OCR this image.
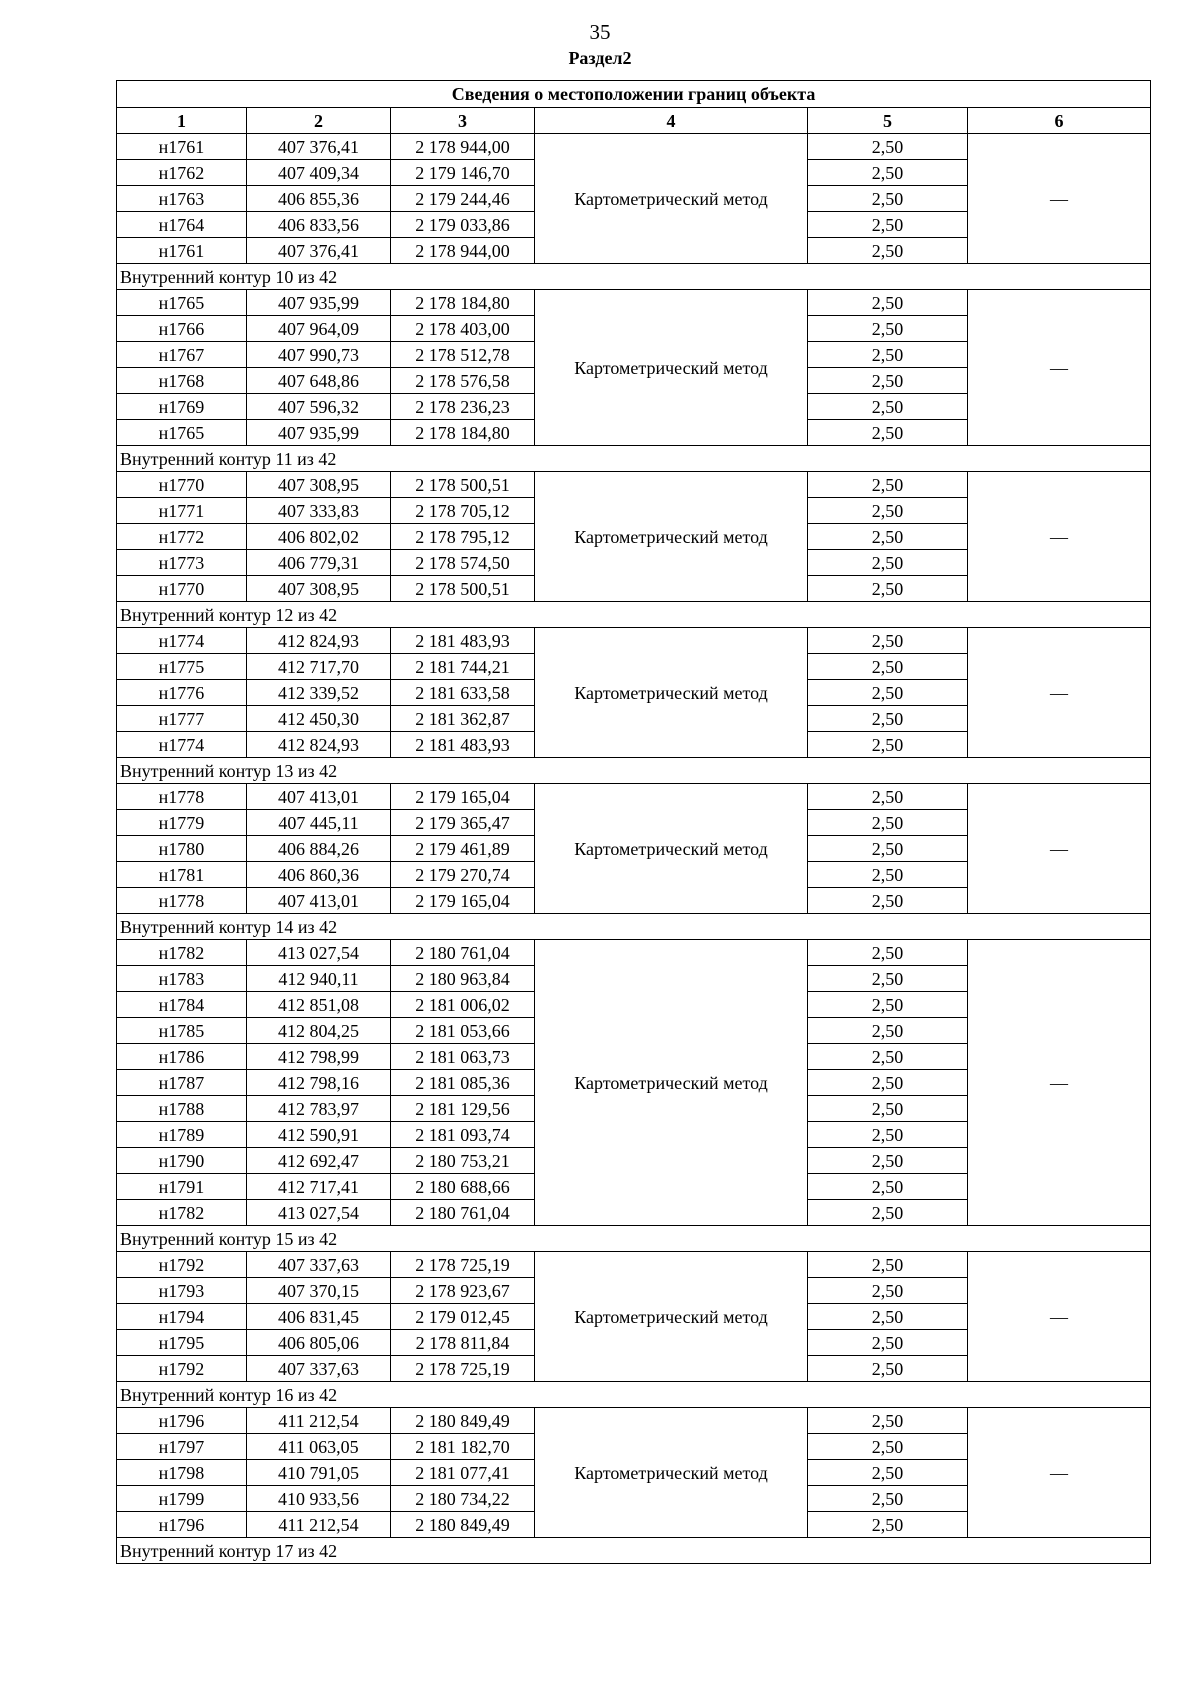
35
Раздел2
Сведения о местоположении границ объекта					
1	2	3	4	5	6
н1761	407 376,41	2 178 944,00	Картометрический метод	2,50	—
н1762	407 409,34	2 179 146,70		2,50	
н1763	406 855,36	2 179 244,46		2,50	
н1764	406 833,56	2 179 033,86		2,50	
н1761	407 376,41	2 178 944,00		2,50	
Внутренний контур 10 из 42					
н1765	407 935,99	2 178 184,80	Картометрический метод	2,50	—
н1766	407 964,09	2 178 403,00		2,50	
н1767	407 990,73	2 178 512,78		2,50	
н1768	407 648,86	2 178 576,58		2,50	
н1769	407 596,32	2 178 236,23		2,50	
н1765	407 935,99	2 178 184,80		2,50	
Внутренний контур 11 из 42					
н1770	407 308,95	2 178 500,51	Картометрический метод	2,50	—
н1771	407 333,83	2 178 705,12		2,50	
н1772	406 802,02	2 178 795,12		2,50	
н1773	406 779,31	2 178 574,50		2,50	
н1770	407 308,95	2 178 500,51		2,50	
Внутренний контур 12 из 42					
н1774	412 824,93	2 181 483,93	Картометрический метод	2,50	—
н1775	412 717,70	2 181 744,21		2,50	
н1776	412 339,52	2 181 633,58		2,50	
н1777	412 450,30	2 181 362,87		2,50	
н1774	412 824,93	2 181 483,93		2,50	
Внутренний контур 13 из 42					
н1778	407 413,01	2 179 165,04	Картометрический метод	2,50	—
н1779	407 445,11	2 179 365,47		2,50	
н1780	406 884,26	2 179 461,89		2,50	
н1781	406 860,36	2 179 270,74		2,50	
н1778	407 413,01	2 179 165,04		2,50	
Внутренний контур 14 из 42					
н1782	413 027,54	2 180 761,04	Картометрический метод	2,50	—
н1783	412 940,11	2 180 963,84		2,50	
н1784	412 851,08	2 181 006,02		2,50	
н1785	412 804,25	2 181 053,66		2,50	
н1786	412 798,99	2 181 063,73		2,50	
н1787	412 798,16	2 181 085,36		2,50	
н1788	412 783,97	2 181 129,56		2,50	
н1789	412 590,91	2 181 093,74		2,50	
н1790	412 692,47	2 180 753,21		2,50	
н1791	412 717,41	2 180 688,66		2,50	
н1782	413 027,54	2 180 761,04		2,50	
Внутренний контур 15 из 42					
н1792	407 337,63	2 178 725,19	Картометрический метод	2,50	—
н1793	407 370,15	2 178 923,67		2,50	
н1794	406 831,45	2 179 012,45		2,50	
н1795	406 805,06	2 178 811,84		2,50	
н1792	407 337,63	2 178 725,19		2,50	
Внутренний контур 16 из 42					
н1796	411 212,54	2 180 849,49	Картометрический метод	2,50	—
н1797	411 063,05	2 181 182,70		2,50	
н1798	410 791,05	2 181 077,41		2,50	
н1799	410 933,56	2 180 734,22		2,50	
н1796	411 212,54	2 180 849,49		2,50	
Внутренний контур 17 из 42					
